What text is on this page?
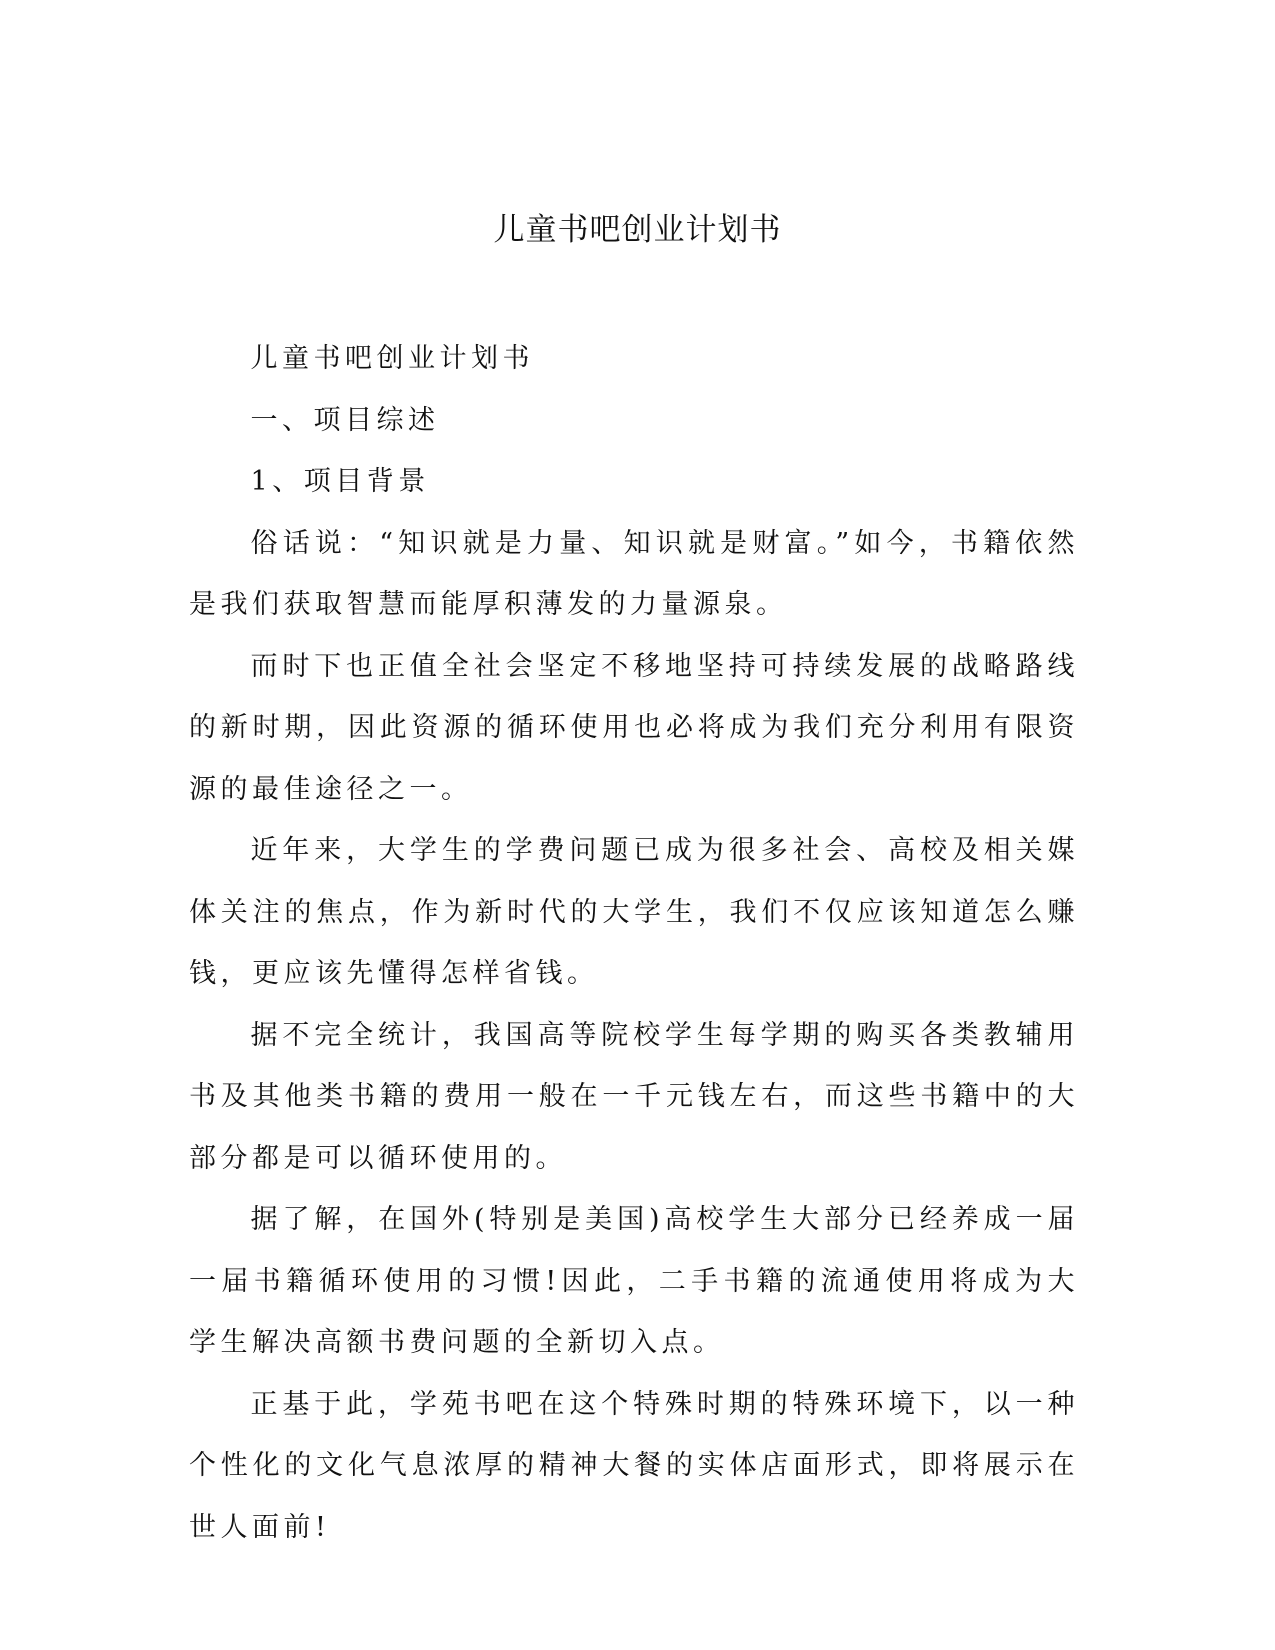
儿童书吧创业计划书

儿童书吧创业计划书

一、项目综述

1、项目背景

俗话说：“知识就是力量、知识就是财富。”如今，书籍依然是我们获取智慧而能厚积薄发的力量源泉。

而时下也正值全社会坚定不移地坚持可持续发展的战略路线的新时期，因此资源的循环使用也必将成为我们充分利用有限资源的最佳途径之一。

近年来，大学生的学费问题已成为很多社会、高校及相关媒体关注的焦点，作为新时代的大学生，我们不仅应该知道怎么赚钱，更应该先懂得怎样省钱。

据不完全统计，我国高等院校学生每学期的购买各类教辅用书及其他类书籍的费用一般在一千元钱左右，而这些书籍中的大部分都是可以循环使用的。

据了解，在国外(特别是美国)高校学生大部分已经养成一届一届书籍循环使用的习惯!因此，二手书籍的流通使用将成为大学生解决高额书费问题的全新切入点。

正基于此，学苑书吧在这个特殊时期的特殊环境下，以一种个性化的文化气息浓厚的精神大餐的实体店面形式，即将展示在世人面前!
